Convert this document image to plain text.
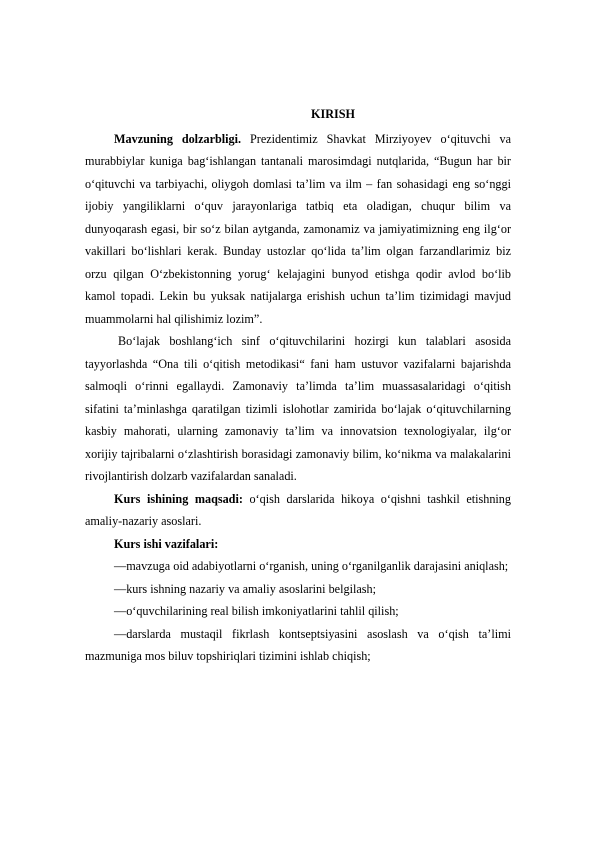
KIRISH

Mavzuning dolzarbligi. Prezidentimiz Shavkat Mirziyoyev o‘qituvchi va murabbiylar kuniga bag‘ishlangan tantanali marosimdagi nutqlarida, “Bugun har bir o‘qituvchi va tarbiyachi, oliygoh domlasi ta’lim va ilm – fan sohasidagi eng so‘nggi ijobiy yangiliklarni o‘quv jarayonlariga tatbiq eta oladigan, chuqur bilim va dunyoqarash egasi, bir so‘z bilan aytganda, zamonamiz va jamiyatimizning eng ilg‘or vakillari bo‘lishlari kerak. Bunday ustozlar qo‘lida ta’lim olgan farzandlarimiz biz orzu qilgan O‘zbekistonning yorug‘ kelajagini bunyod etishga qodir avlod bo‘lib kamol topadi. Lekin bu yuksak natijalarga erishish uchun ta’lim tizimidagi mavjud muammolarni hal qilishimiz lozim”.

Bo‘lajak boshlang‘ich sinf o‘qituvchilarini hozirgi kun talablari asosida tayyorlashda “Ona tili o‘qitish metodikasi“ fani ham ustuvor vazifalarni bajarishda salmoqli o‘rinni egallaydi. Zamonaviy ta’limda ta’lim muassasalaridagi o‘qitish sifatini ta’minlashga qaratilgan tizimli islohotlar zamirida bo‘lajak o‘qituvchilarning kasbiy mahorati, ularning zamonaviy ta’lim va innovatsion texnologiyalar, ilg‘or xorijiy tajribalarni o‘zlashtirish borasidagi zamonaviy bilim, ko‘nikma va malakalarini rivojlantirish dolzarb vazifalardan sanaladi.

Kurs ishining maqsadi: o‘qish darslarida hikoya o‘qishni tashkil etishning amaliy-nazariy asoslari.

Kurs ishi vazifalari:

—mavzuga oid adabiyotlarni o‘rganish, uning o‘rganilganlik darajasini aniqlash;

—kurs ishning nazariy va amaliy asoslarini belgilash;

—o‘quvchilarining real bilish imkoniyatlarini tahlil qilish;

—darslarda mustaqil fikrlash kontseptsiyasini asoslash va o‘qish ta’limi mazmuniga mos biluv topshiriqlari tizimini ishlab chiqish;
